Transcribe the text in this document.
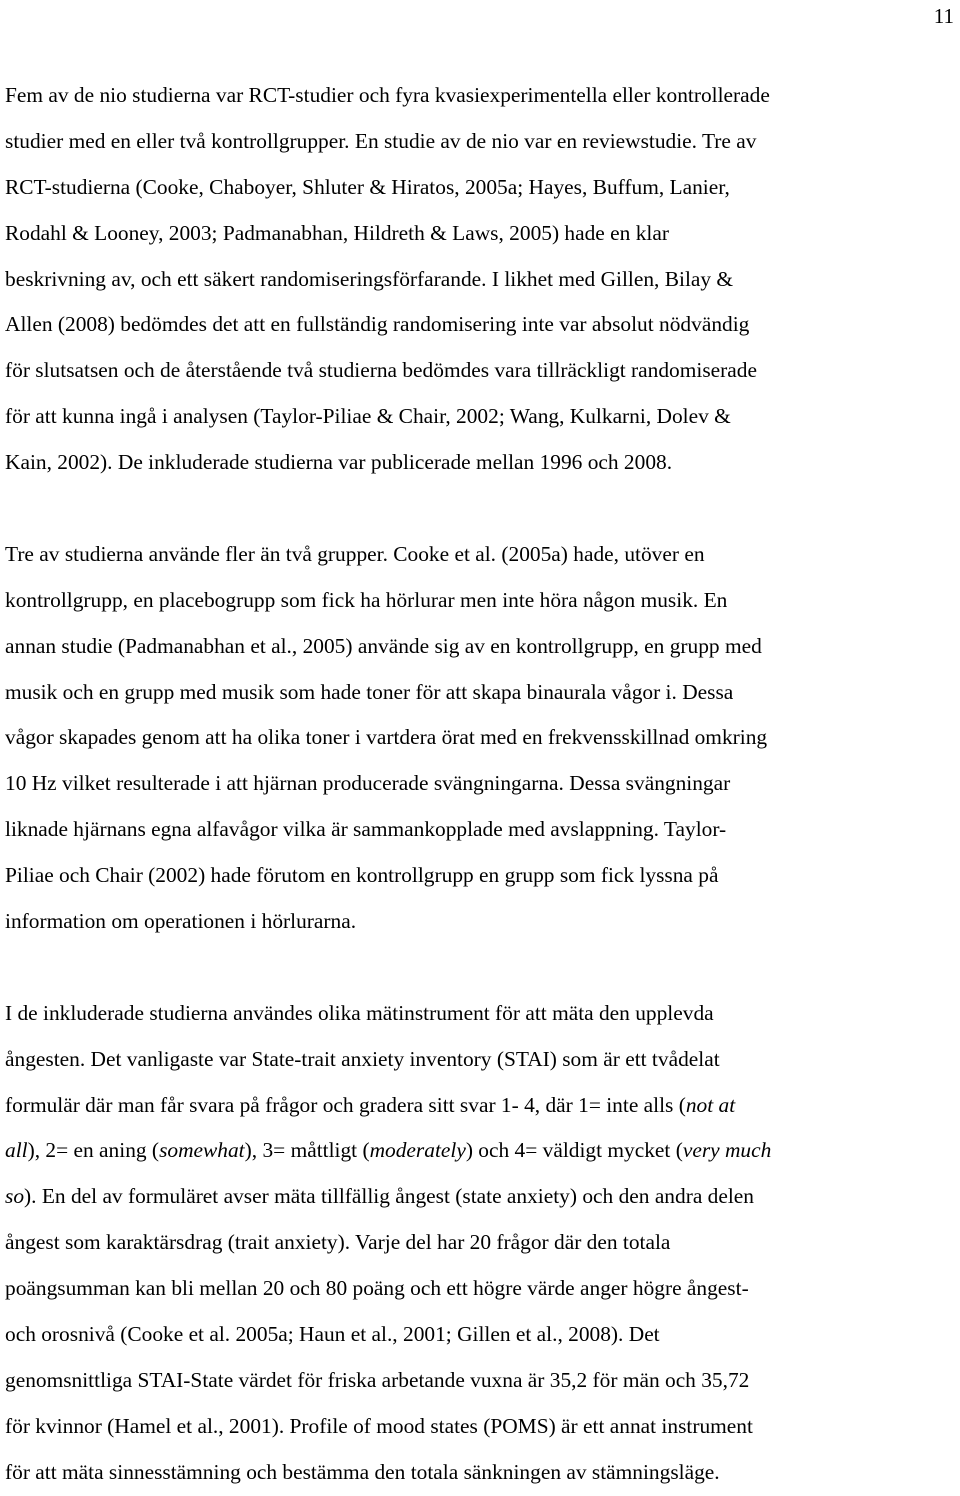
11

Fem av de nio studierna var RCT-studier och fyra kvasiexperimentella eller kontrollerade
studier med en eller två kontrollgrupper. En studie av de nio var en reviewstudie. Tre av
RCT-studierna (Cooke, Chaboyer, Shluter & Hiratos, 2005a; Hayes, Buffum, Lanier,
Rodahl & Looney, 2003; Padmanabhan, Hildreth & Laws, 2005) hade en klar
beskrivning av, och ett säkert randomiseringsförfarande. I likhet med Gillen, Bilay &
Allen (2008) bedömdes det att en fullständig randomisering inte var absolut nödvändig
för slutsatsen och de återstående två studierna bedömdes vara tillräckligt randomiserade
för att kunna ingå i analysen (Taylor-Piliae & Chair, 2002; Wang, Kulkarni, Dolev &
Kain, 2002). De inkluderade studierna var publicerade mellan 1996 och 2008.

Tre av studierna använde fler än två grupper. Cooke et al. (2005a) hade, utöver en
kontrollgrupp, en placebogrupp som fick ha hörlurar men inte höra någon musik. En
annan studie (Padmanabhan et al., 2005) använde sig av en kontrollgrupp, en grupp med
musik och en grupp med musik som hade toner för att skapa binaurala vågor i. Dessa
vågor skapades genom att ha olika toner i vartdera örat med en frekvensskillnad omkring
10 Hz vilket resulterade i att hjärnan producerade svängningarna. Dessa svängningar
liknade hjärnans egna alfavågor vilka är sammankopplade med avslappning. Taylor-
Piliae och Chair (2002) hade förutom en kontrollgrupp en grupp som fick lyssna på
information om operationen i hörlurarna.

I de inkluderade studierna användes olika mätinstrument för att mäta den upplevda
ångesten. Det vanligaste var State-trait anxiety inventory (STAI) som är ett tvådelat
formulär där man får svara på frågor och gradera sitt svar 1- 4, där 1= inte alls (not at
all), 2= en aning (somewhat), 3= måttligt (moderately) och 4= väldigt mycket (very much
so). En del av formuläret avser mäta tillfällig ångest (state anxiety) och den andra delen
ångest som karaktärsdrag (trait anxiety). Varje del har 20 frågor där den totala
poängsumman kan bli mellan 20 och 80 poäng och ett högre värde anger högre ångest-
och orosnivå (Cooke et al. 2005a; Haun et al., 2001; Gillen et al., 2008). Det
genomsnittliga STAI-State värdet för friska arbetande vuxna är 35,2 för män och 35,72
för kvinnor (Hamel et al., 2001). Profile of mood states (POMS) är ett annat instrument
för att mäta sinnesstämning och bestämma den totala sänkningen av stämningsläge.
